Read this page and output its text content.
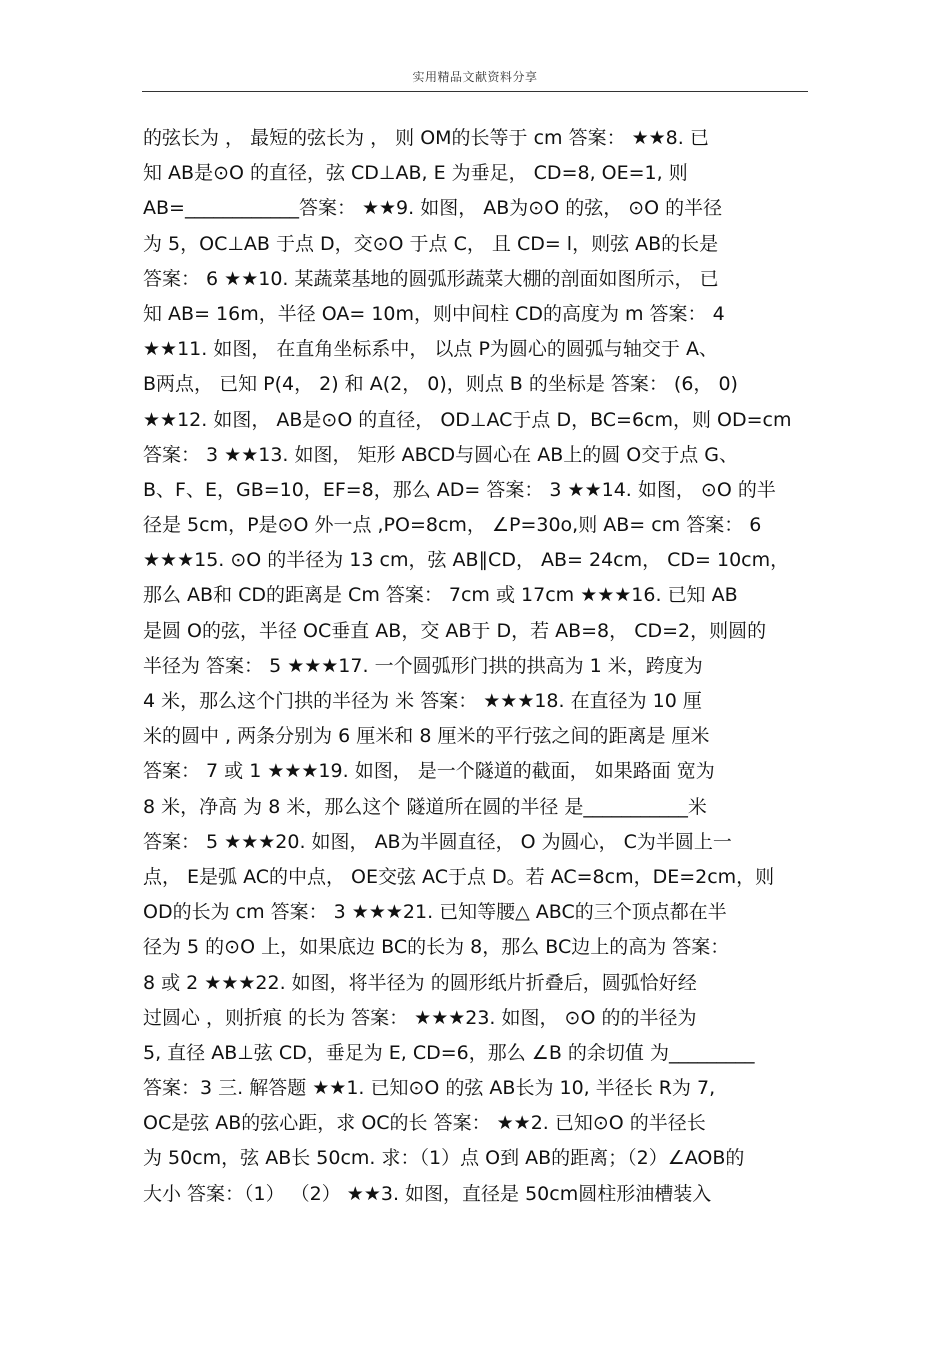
实用精品文献资料分享
的弦长为 ， 最短的弦长为 ， 则 OM的长等于 cm 答案： ★★8. 已
知 AB是⊙O 的直径，弦 CD⊥AB, E 为垂足， CD=8, OE=1, 则
AB=____________答案： ★★9. 如图， AB为⊙O 的弦， ⊙O 的半径
为 5，OC⊥AB 于点 D，交⊙O 于点 C， 且 CD= l，则弦 AB的长是
答案： 6 ★★10. 某蔬菜基地的圆弧形蔬菜大棚的剖面如图所示， 已
知 AB= 16m，半径 OA= 10m，则中间柱 CD的高度为 m 答案： 4
★★11. 如图， 在直角坐标系中， 以点 P为圆心的圆弧与轴交于 A、
B两点， 已知 P(4， 2) 和 A(2， 0)，则点 B 的坐标是 答案： (6， 0)
★★12. 如图， AB是⊙O 的直径， OD⊥AC于点 D，BC=6cm，则 OD=cm
答案： 3 ★★13. 如图， 矩形 ABCD与圆心在 AB上的圆 O交于点 G、
B、F、E，GB=10，EF=8，那么 AD= 答案： 3 ★★14. 如图， ⊙O 的半
径是 5cm，P是⊙O 外一点 ,PO=8cm， ∠P=30o,则 AB= cm 答案： 6
★★★15. ⊙O 的半径为 13 cm，弦 AB∥CD， AB= 24cm， CD= 10cm，
那么 AB和 CD的距离是 Cm 答案： 7cm 或 17cm ★★★16. 已知 AB
是圆 O的弦，半径 OC垂直 AB，交 AB于 D，若 AB=8， CD=2，则圆的
半径为 答案： 5 ★★★17. 一个圆弧形门拱的拱高为 1 米，跨度为
4 米，那么这个门拱的半径为 米 答案： ★★★18. 在直径为 10 厘
米的圆中 , 两条分别为 6 厘米和 8 厘米的平行弦之间的距离是 厘米
答案： 7 或 1 ★★★19. 如图， 是一个隧道的截面， 如果路面 宽为
8 米，净高 为 8 米，那么这个 隧道所在圆的半径 是___________米
答案： 5 ★★★20. 如图， AB为半圆直径， O 为圆心， C为半圆上一
点， E是弧 AC的中点， OE交弦 AC于点 D。若 AC=8cm，DE=2cm，则
OD的长为 cm 答案： 3 ★★★21. 已知等腰△ ABC的三个顶点都在半
径为 5 的⊙O 上，如果底边 BC的长为 8，那么 BC边上的高为 答案：
8 或 2 ★★★22. 如图，将半径为 的圆形纸片折叠后，圆弧恰好经
过圆心 ，则折痕 的长为 答案： ★★★23. 如图， ⊙O 的的半径为
5, 直径 AB⊥弦 CD，垂足为 E, CD=6，那么 ∠B 的余切值 为_________
答案：3 三. 解答题 ★★1. 已知⊙O 的弦 AB长为 10, 半径长 R为 7,
OC是弦 AB的弦心距，求 OC的长 答案： ★★2. 已知⊙O 的半径长
为 50cm，弦 AB长 50cm. 求：（1）点 O到 AB的距离；（2）∠AOB的
大小 答案：（1） （2） ★★3. 如图，直径是 50cm圆柱形油槽装入
